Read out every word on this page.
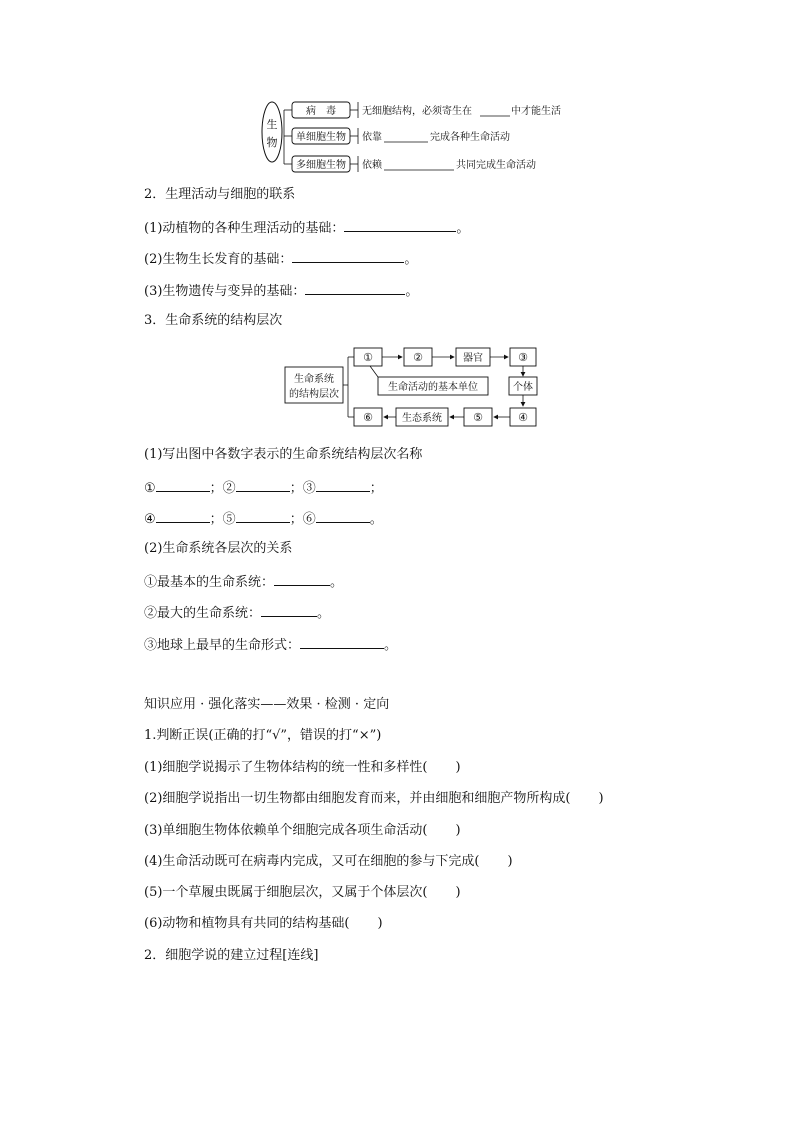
生
物
病　毒	无细胞结构，必须寄生在	中才能生活
单细胞生物 依靠	完成各种生命活动
多细胞生物 依赖	共同完成生命活动
2．生理活动与细胞的联系
(1)动植物的各种生理活动的基础：	。
(2)生物生长发育的基础：	。
(3)生物遗传与变异的基础：	。
3．生命系统的结构层次
生命系统
的结构层次
①	②	器官	③
个体
④
⑤
生态系统
⑥
生命活动的基本单位
(1)写出图中各数字表示的生命系统结构层次名称
①	；②	；③	；
④	；⑤	；⑥	。
(2)生命系统各层次的关系
①最基本的生命系统：	。
②最大的生命系统：	。
③地球上最早的生命形式：	。
知识应用 · 强化落实——效果 · 检测 · 定向
1.判断正误(正确的打“√”，错误的打“×”)
(1)细胞学说揭示了生物体结构的统一性和多样性( )
(2)细胞学说指出一切生物都由细胞发育而来，并由细胞和细胞产物所构成( )
(3)单细胞生物体依赖单个细胞完成各项生命活动( )
(4)生命活动既可在病毒内完成，又可在细胞的参与下完成( )
(5)一个草履虫既属于细胞层次，又属于个体层次( )
(6)动物和植物具有共同的结构基础( )
2．细胞学说的建立过程[连线]
